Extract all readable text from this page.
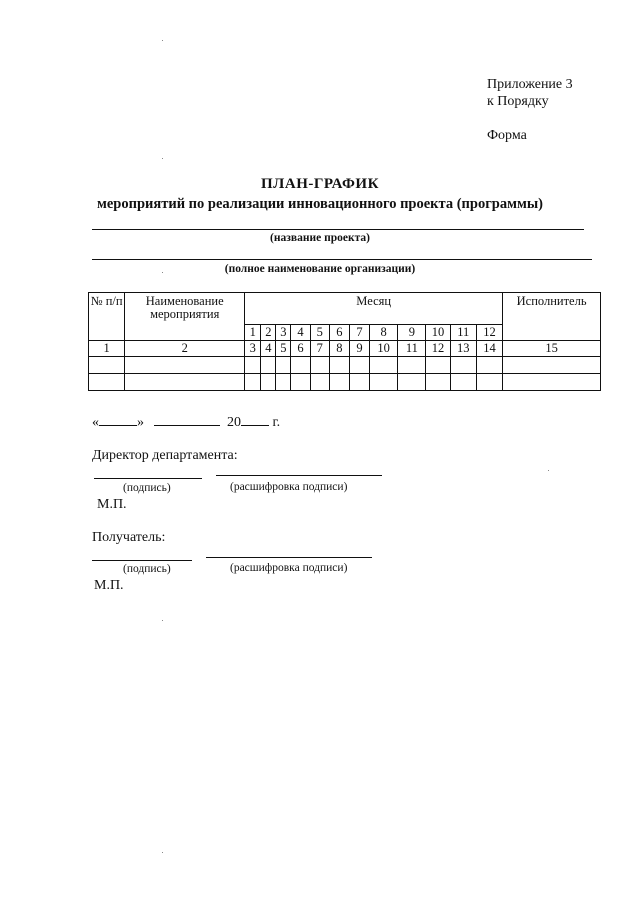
Приложение 3
к Порядку
Форма
ПЛАН-ГРАФИК
мероприятий по реализации инновационного проекта (программы)
(название проекта)
(полное наименование организации)
№ п/п	Наименование мероприятия	Месяц												Исполнитель
		1	2	3	4	5	6	7	8	9	10	11	12	
1	2	3	4	5	6	7	8	9	10	11	12	13	14	15

«	»	20 г.
Директор департамента:
(подпись)	(расшифровка подписи)
М.П.
Получатель:
(подпись)	(расшифровка подписи)
М.П.
